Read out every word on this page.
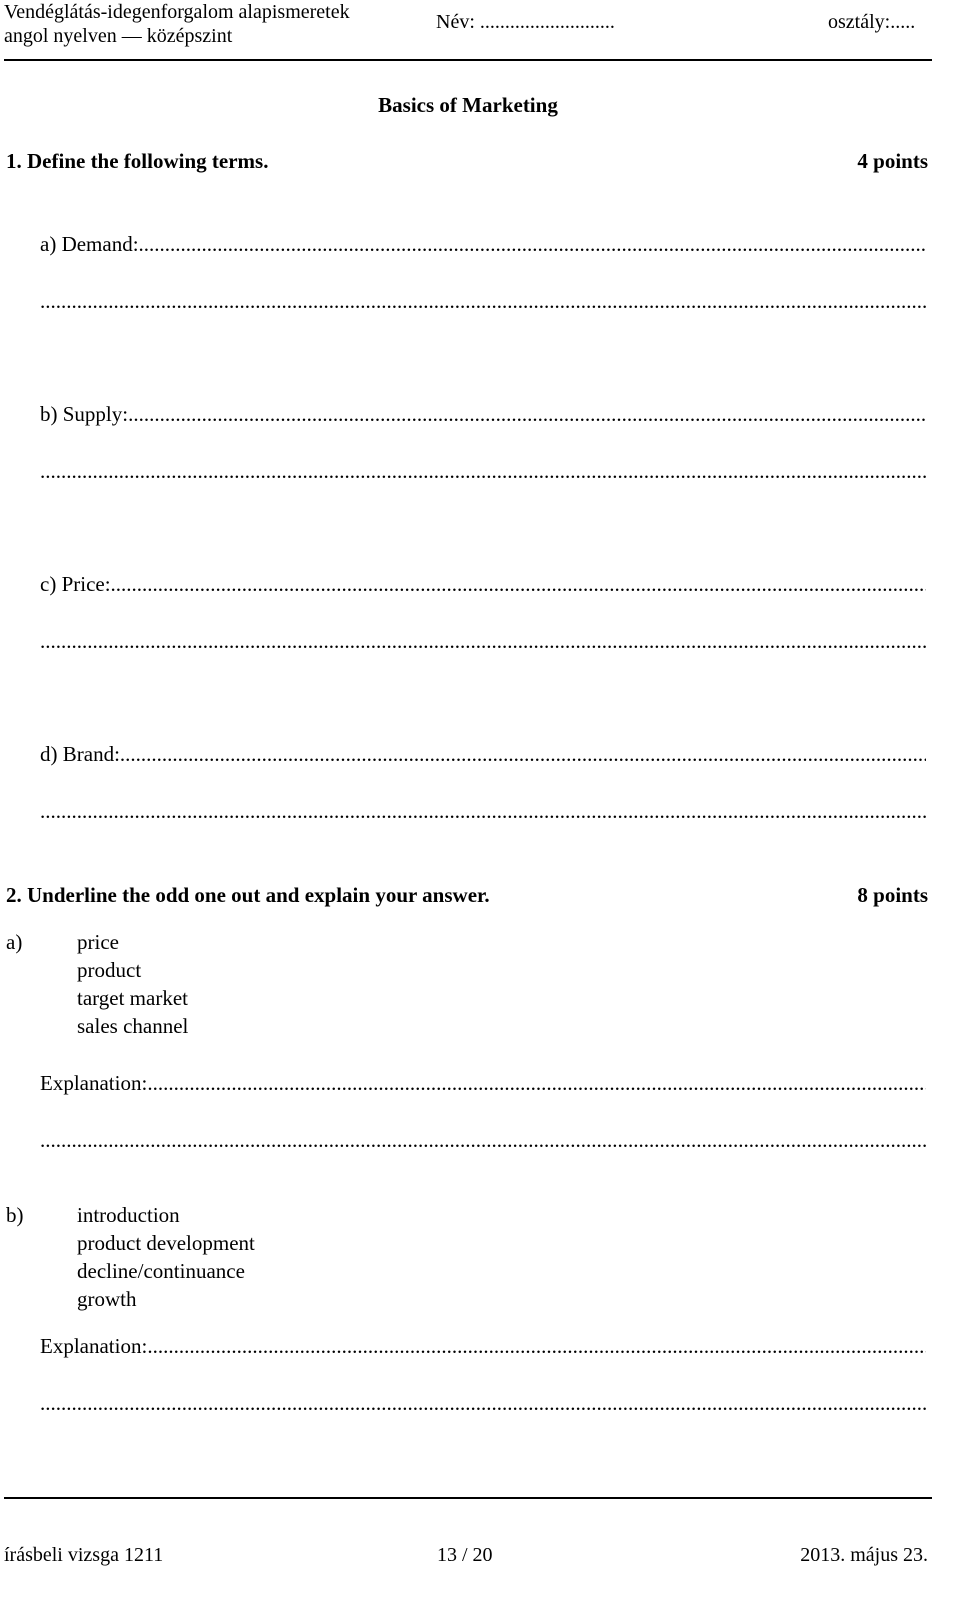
Vendéglátás-idegenforgalom alapismeretek
angol nyelven — középszint
Név: ...........................	osztály:.....
Basics of Marketing
1. Define the following terms.	4 points
a) Demand: .....
.....
b) Supply: .....
.....
c) Price: .....
.....
d) Brand: .....
.....
2. Underline the odd one out and explain your answer.	8 points
a)	price
product
target market
sales channel
Explanation: .....
.....
b)	introduction
product development
decline/continuance
growth
Explanation: .....
.....
írásbeli vizsga 1211	13 / 20	2013. május 23.
